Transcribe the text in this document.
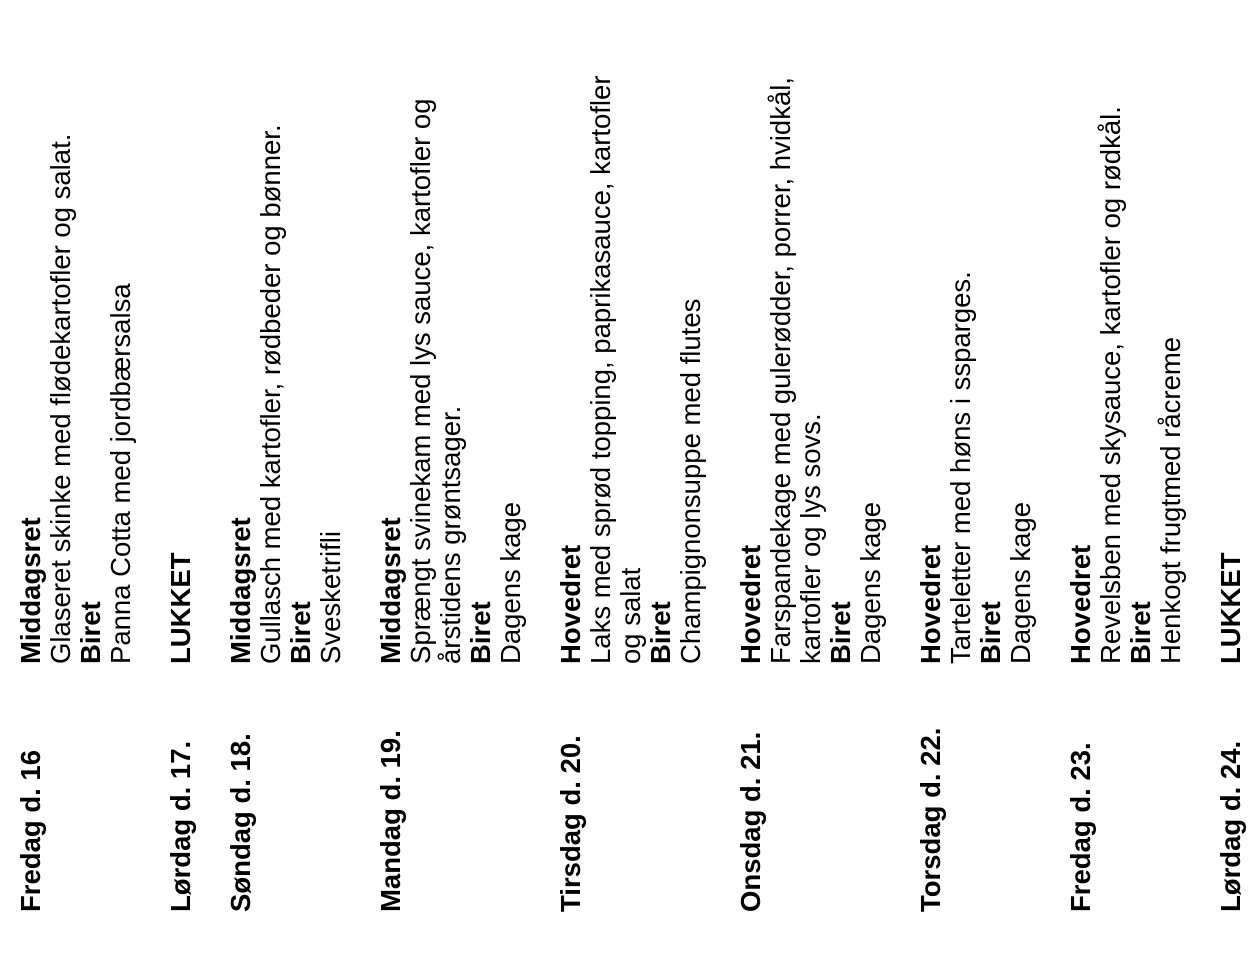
Fredag d. 16
Middagsret Glaseret skinke med flødekartofler og salat. Biret Panna Cotta med jordbærsalsa
Lørdag d. 17.
LUKKET
Søndag d. 18.
Middagsret Gullasch med kartofler, rødbeder og bønner. Biret Svesketrifli
Mandag d. 19.
Middagsret Sprængt svinekam med lys sauce, kartofler og årstidens grøntsager. Biret Dagens kage
Tirsdag d. 20.
Hovedret Laks med sprød topping, paprikasauce, kartofler og salat Biret Champignonsuppe med flutes
Onsdag d. 21.
Hovedret Farspandekage med gulerødder, porrer, hvidkål, kartofler og lys sovs. Biret Dagens kage
Torsdag d. 22.
Hovedret Tarteletter med høns i ssparges. Biret Dagens kage
Fredag d. 23.
Hovedret Revelsben med skysauce, kartofler og rødkål. Biret Henkogt frugtmed råcreme
Lørdag d. 24.
LUKKET
